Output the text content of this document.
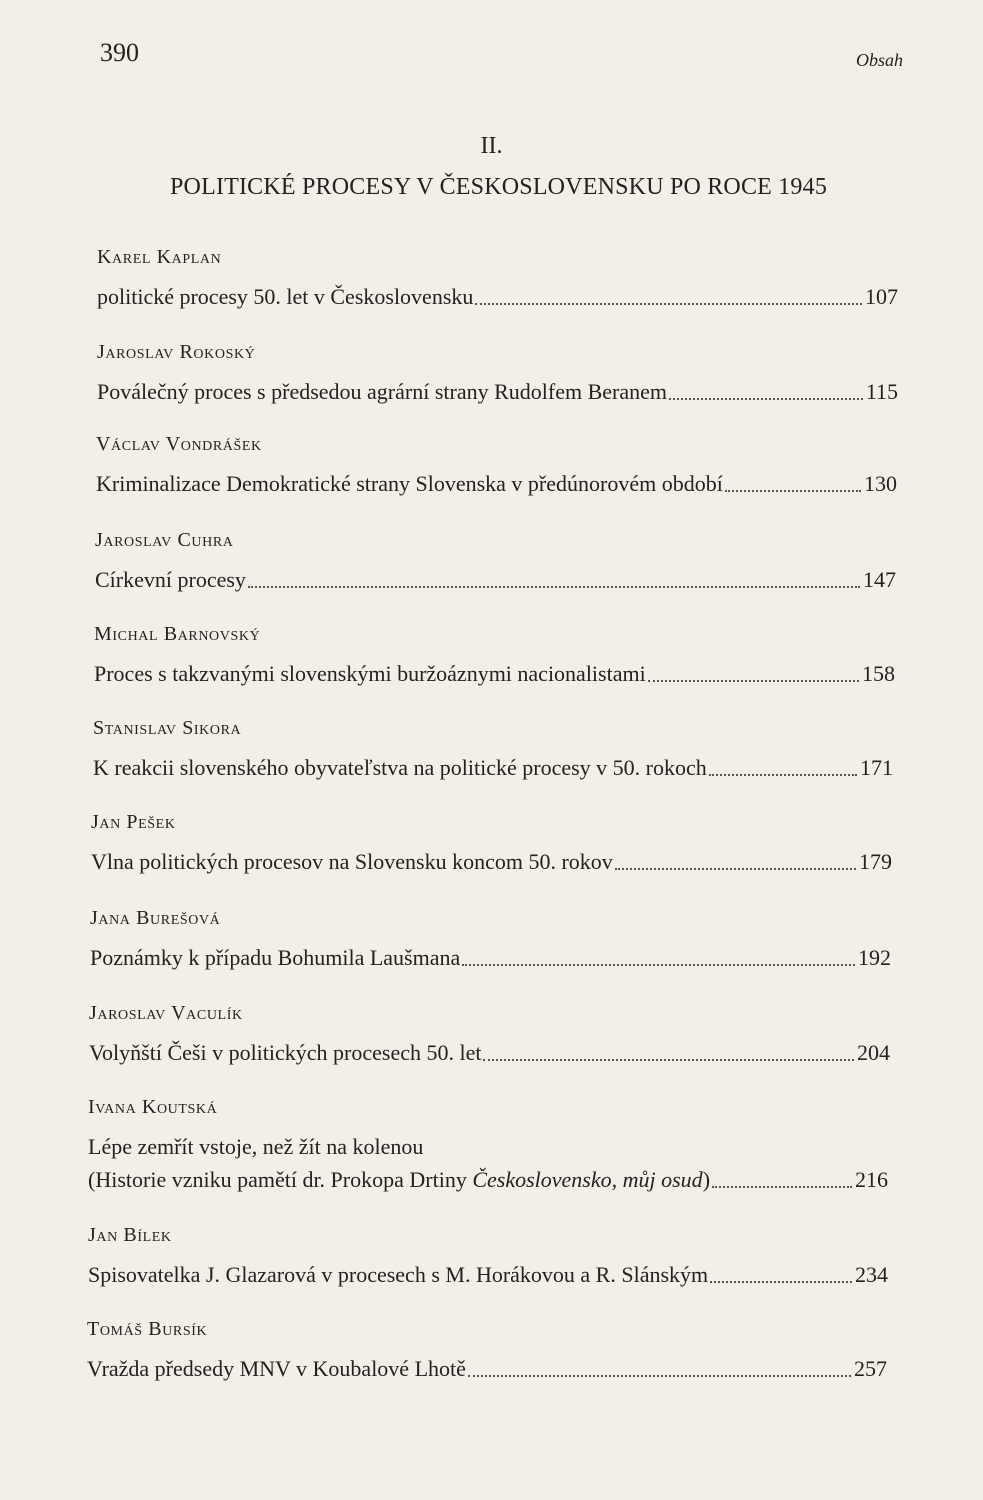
390	Obsah
II.
POLITICKÉ PROCESY V ČESKOSLOVENSKU PO ROCE 1945
Karel Kaplan
politické procesy 50. let v Československu	107
Jaroslav Rokoský
Poválečný proces s předsedou agrární strany Rudolfem Beranem	115
Václav Vondrášek
Kriminalizace Demokratické strany Slovenska v předúnorovém období	130
Jaroslav Cuhra
Církevní procesy	147
Michal Barnovský
Proces s takzvanými slovenskými buržoáznymi nacionalistami	158
Stanislav Sikora
K reakcii slovenského obyvateľstva na politické procesy v 50. rokoch	171
Jan Pešek
Vlna politických procesov na Slovensku koncom 50. rokov	179
Jana Burešová
Poznámky k případu Bohumila Laušmana	192
Jaroslav Vaculík
Volyňští Češi v politických procesech 50. let	204
Ivana Koutská
Lépe zemřít vstoje, než žít na kolenou
(Historie vzniku pamětí dr. Prokopa Drtiny Československo, můj osud)	216
Jan Bílek
Spisovatelka J. Glazarová v procesech s M. Horákovou a R. Slánským	234
Tomáš Bursík
Vražda předsedy MNV v Koubalové Lhotě	257
